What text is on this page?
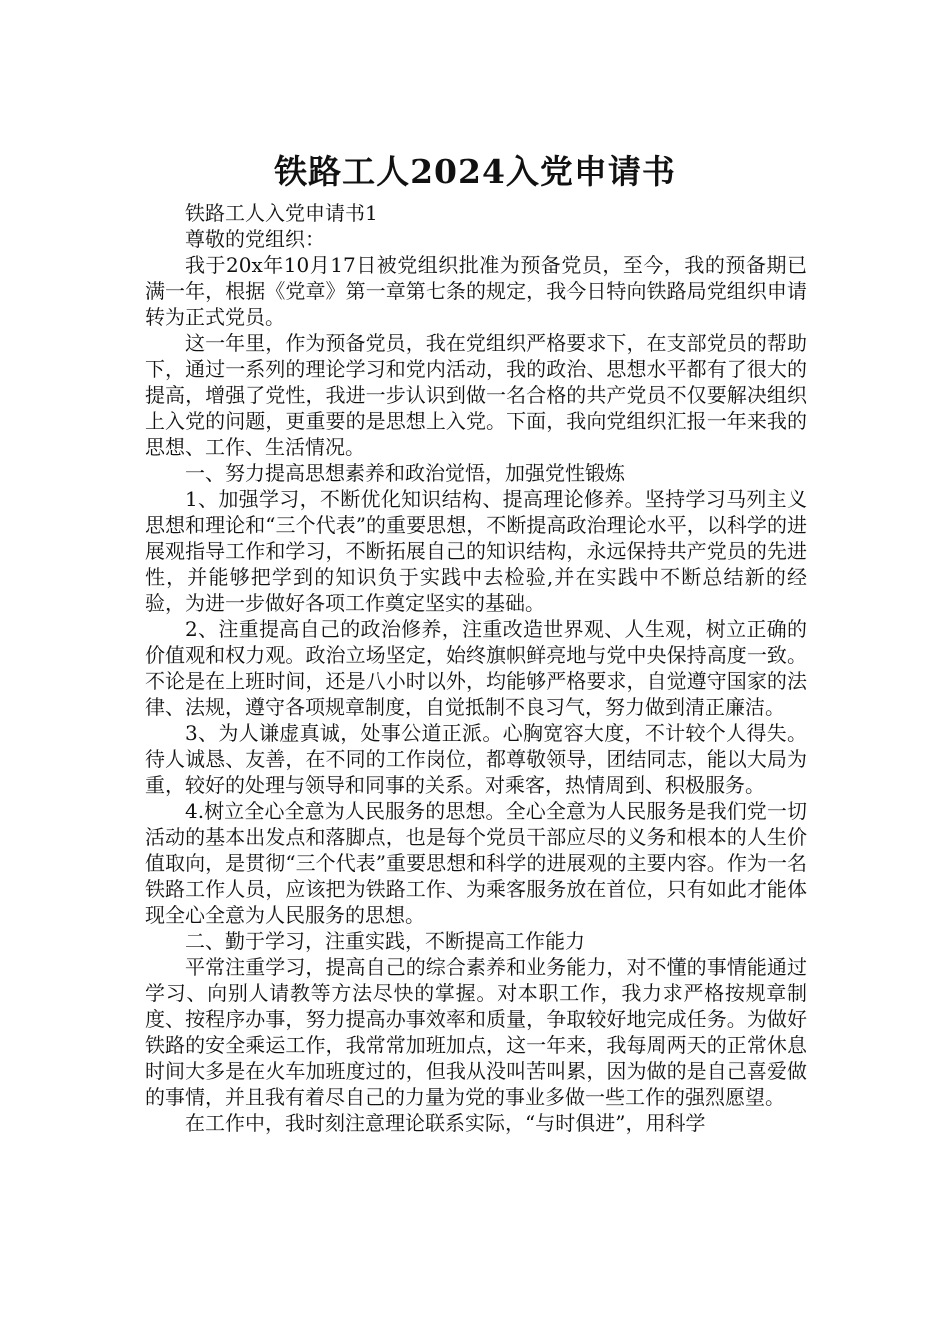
铁路工人2024入党申请书

铁路工人入党申请书1

尊敬的党组织：

我于20x年10月17日被党组织批准为预备党员，至今，我的预备期已满一年，根据《党章》第一章第七条的规定，我今日特向铁路局党组织申请转为正式党员。

这一年里，作为预备党员，我在党组织严格要求下，在支部党员的帮助下，通过一系列的理论学习和党内活动，我的政治、思想水平都有了很大的提高，增强了党性，我进一步认识到做一名合格的共产党员不仅要解决组织上入党的问题，更重要的是思想上入党。下面，我向党组织汇报一年来我的思想、工作、生活情况。

一、努力提高思想素养和政治觉悟，加强党性锻炼

1、加强学习，不断优化知识结构、提高理论修养。坚持学习马列主义思想和理论和“三个代表”的重要思想，不断提高政治理论水平，以科学的进展观指导工作和学习，不断拓展自己的知识结构，永远保持共产党员的先进性，并能够把学到的知识负于实践中去检验,并在实践中不断总结新的经验，为进一步做好各项工作奠定坚实的基础。

2、注重提高自己的政治修养，注重改造世界观、人生观，树立正确的价值观和权力观。政治立场坚定，始终旗帜鲜亮地与党中央保持高度一致。不论是在上班时间，还是八小时以外，均能够严格要求，自觉遵守国家的法律、法规，遵守各项规章制度，自觉抵制不良习气，努力做到清正廉洁。

3、为人谦虚真诚，处事公道正派。心胸宽容大度，不计较个人得失。待人诚恳、友善，在不同的工作岗位，都尊敬领导，团结同志，能以大局为重，较好的处理与领导和同事的关系。对乘客，热情周到、积极服务。

4.树立全心全意为人民服务的思想。全心全意为人民服务是我们党一切活动的基本出发点和落脚点，也是每个党员干部应尽的义务和根本的人生价值取向，是贯彻“三个代表”重要思想和科学的进展观的主要内容。作为一名铁路工作人员，应该把为铁路工作、为乘客服务放在首位，只有如此才能体现全心全意为人民服务的思想。

二、勤于学习，注重实践，不断提高工作能力

平常注重学习，提高自己的综合素养和业务能力，对不懂的事情能通过学习、向别人请教等方法尽快的掌握。对本职工作，我力求严格按规章制度、按程序办事，努力提高办事效率和质量，争取较好地完成任务。为做好铁路的安全乘运工作，我常常加班加点，这一年来，我每周两天的正常休息时间大多是在火车加班度过的，但我从没叫苦叫累，因为做的是自己喜爱做的事情，并且我有着尽自己的力量为党的事业多做一些工作的强烈愿望。

在工作中，我时刻注意理论联系实际，“与时俱进”，用科学
